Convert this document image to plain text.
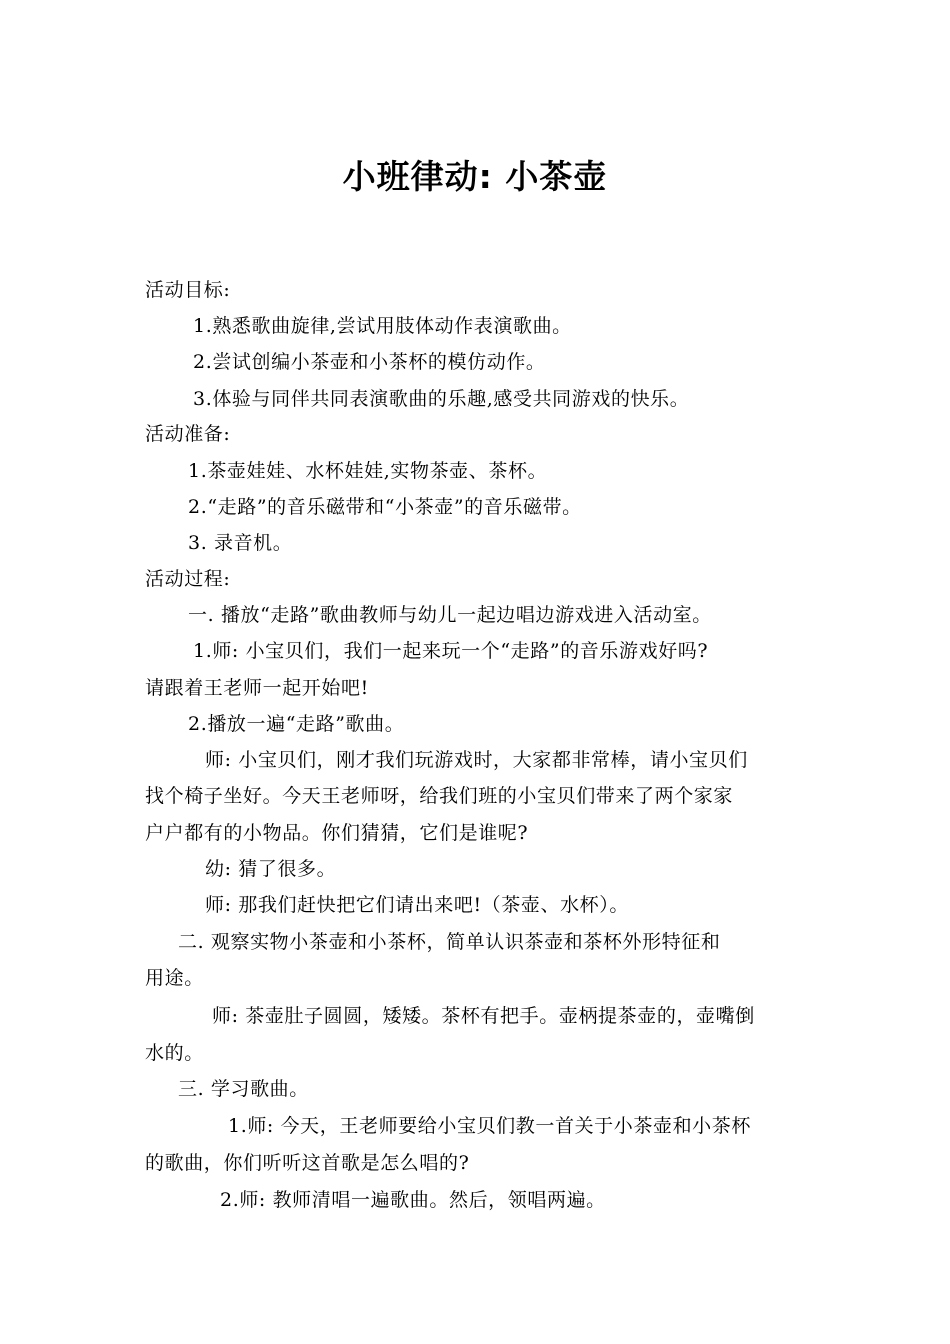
小班律动: 小茶壶
活动目标:
1.熟悉歌曲旋律,尝试用肢体动作表演歌曲。
2.尝试创编小茶壶和小茶杯的模仿动作。
3.体验与同伴共同表演歌曲的乐趣,感受共同游戏的快乐。
活动准备:
1.茶壶娃娃、水杯娃娃,实物茶壶、茶杯。
2.“走路”的音乐磁带和“小茶壶”的音乐磁带。
3. 录音机。
活动过程:
一. 播放“走路”歌曲教师与幼儿一起边唱边游戏进入活动室。
1.师: 小宝贝们，我们一起来玩一个“走路”的音乐游戏好吗?
请跟着王老师一起开始吧!
2.播放一遍“走路”歌曲。
师: 小宝贝们，刚才我们玩游戏时，大家都非常棒，请小宝贝们
找个椅子坐好。今天王老师呀，给我们班的小宝贝们带来了两个家家
户户都有的小物品。你们猜猜，它们是谁呢?
幼: 猜了很多。
师: 那我们赶快把它们请出来吧!（茶壶、水杯）。
二. 观察实物小茶壶和小茶杯，简单认识茶壶和茶杯外形特征和
用途。
师: 茶壶肚子圆圆，矮矮。茶杯有把手。壶柄提茶壶的，壶嘴倒
水的。
三. 学习歌曲。
1.师: 今天，王老师要给小宝贝们教一首关于小茶壶和小茶杯
的歌曲，你们听听这首歌是怎么唱的?
2.师: 教师清唱一遍歌曲。然后，领唱两遍。
